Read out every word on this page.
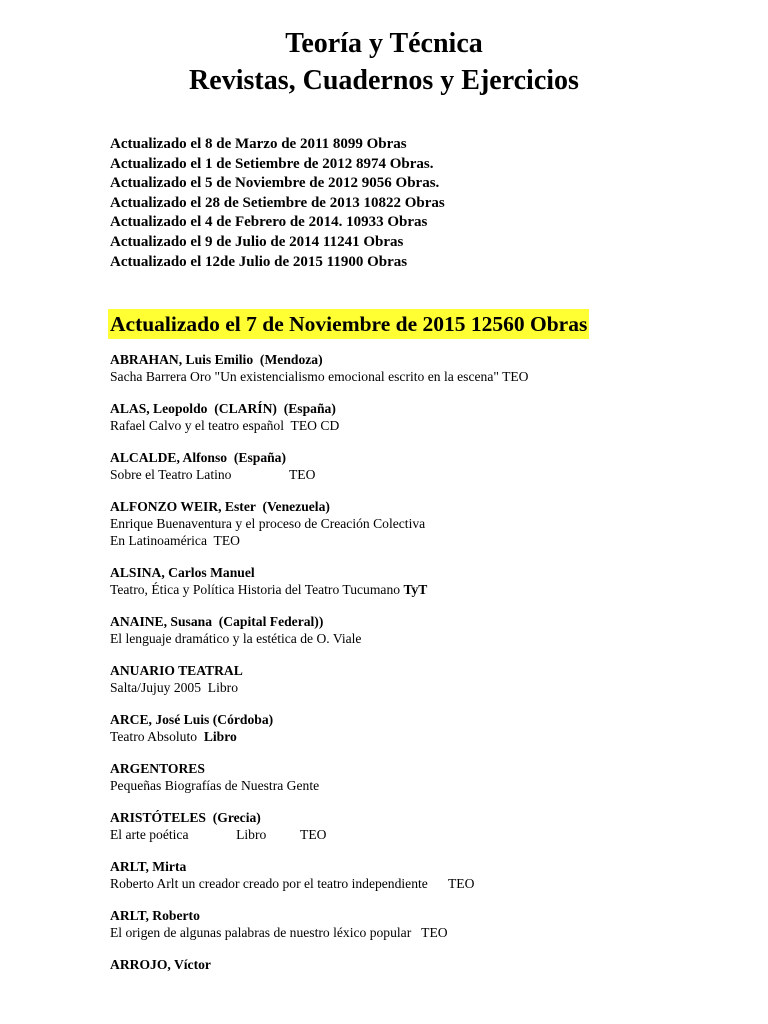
Teoría y Técnica
Revistas, Cuadernos y Ejercicios
Actualizado el 8 de Marzo de 2011 8099 Obras
Actualizado el 1 de Setiembre de 2012 8974 Obras.
Actualizado el 5 de Noviembre de 2012 9056 Obras.
Actualizado el 28 de Setiembre de 2013 10822 Obras
Actualizado el 4 de Febrero de 2014. 10933 Obras
Actualizado el 9 de Julio de 2014 11241 Obras
Actualizado el 12de Julio de 2015 11900 Obras
Actualizado el 7 de Noviembre de 2015 12560 Obras
ABRAHAN, Luis Emilio  (Mendoza)
Sacha Barrera Oro "Un existencialismo emocional escrito en la escena" TEO
ALAS, Leopoldo  (CLARÍN)  (España)
Rafael Calvo y el teatro español  TEO CD
ALCALDE, Alfonso  (España)
Sobre el Teatro Latino                 TEO
ALFONZO WEIR, Ester  (Venezuela)
Enrique Buenaventura y el proceso de Creación Colectiva
En Latinoamérica  TEO
ALSINA, Carlos Manuel
Teatro, Ética y Política Historia del Teatro Tucumano TyT
ANAINE, Susana  (Capital Federal))
El lenguaje dramático y la estética de O. Viale
ANUARIO TEATRAL
Salta/Jujuy 2005  Libro
ARCE, José Luis (Córdoba)
Teatro Absoluto  Libro
ARGENTORES
Pequeñas Biografías de Nuestra Gente
ARISTÓTELES  (Grecia)
El arte poética              Libro          TEO
ARLT, Mirta
Roberto Arlt un creador creado por el teatro independiente      TEO
ARLT, Roberto
El origen de algunas palabras de nuestro léxico popular   TEO
ARROJO, Víctor
